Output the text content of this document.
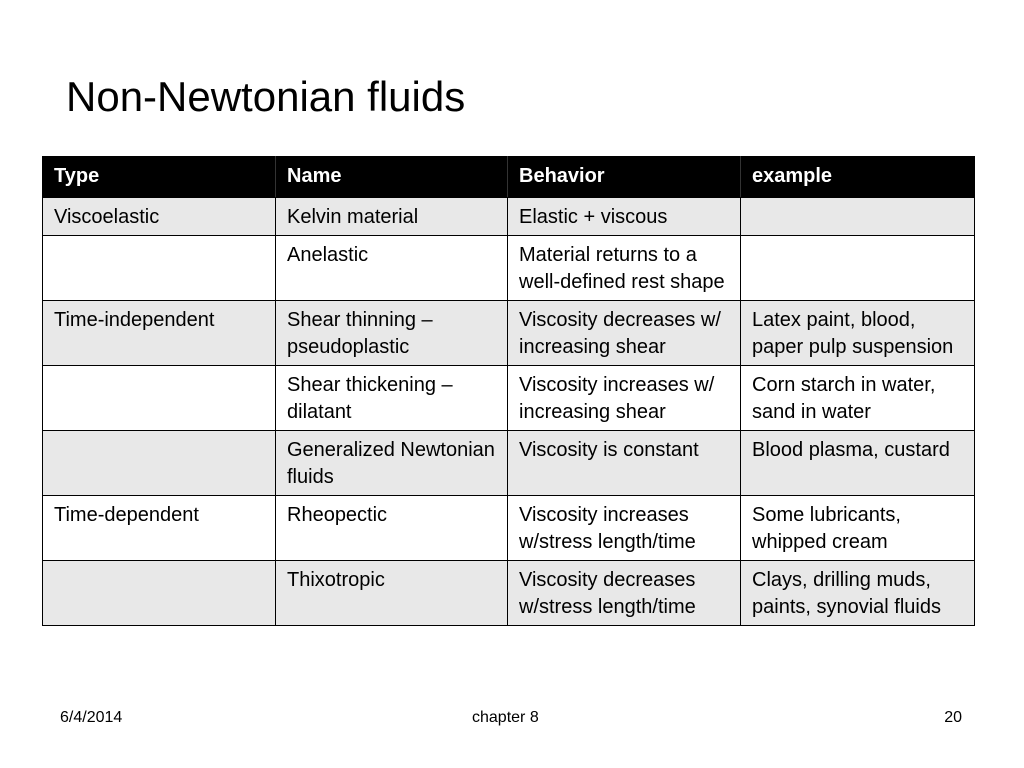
Non-Newtonian fluids
Type	Name	Behavior	example
Viscoelastic	Kelvin material	Elastic + viscous	
	Anelastic	Material returns to a well-defined rest shape	
Time-independent	Shear thinning – pseudoplastic	Viscosity decreases w/ increasing shear	Latex paint, blood, paper pulp suspension
	Shear thickening – dilatant	Viscosity increases w/ increasing shear	Corn starch in water, sand in water
	Generalized Newtonian fluids	Viscosity is constant	Blood plasma, custard
Time-dependent	Rheopectic	Viscosity increases w/stress length/time	Some lubricants, whipped cream
	Thixotropic	Viscosity decreases w/stress length/time	Clays, drilling muds, paints, synovial fluids
6/4/2014	chapter 8	20
